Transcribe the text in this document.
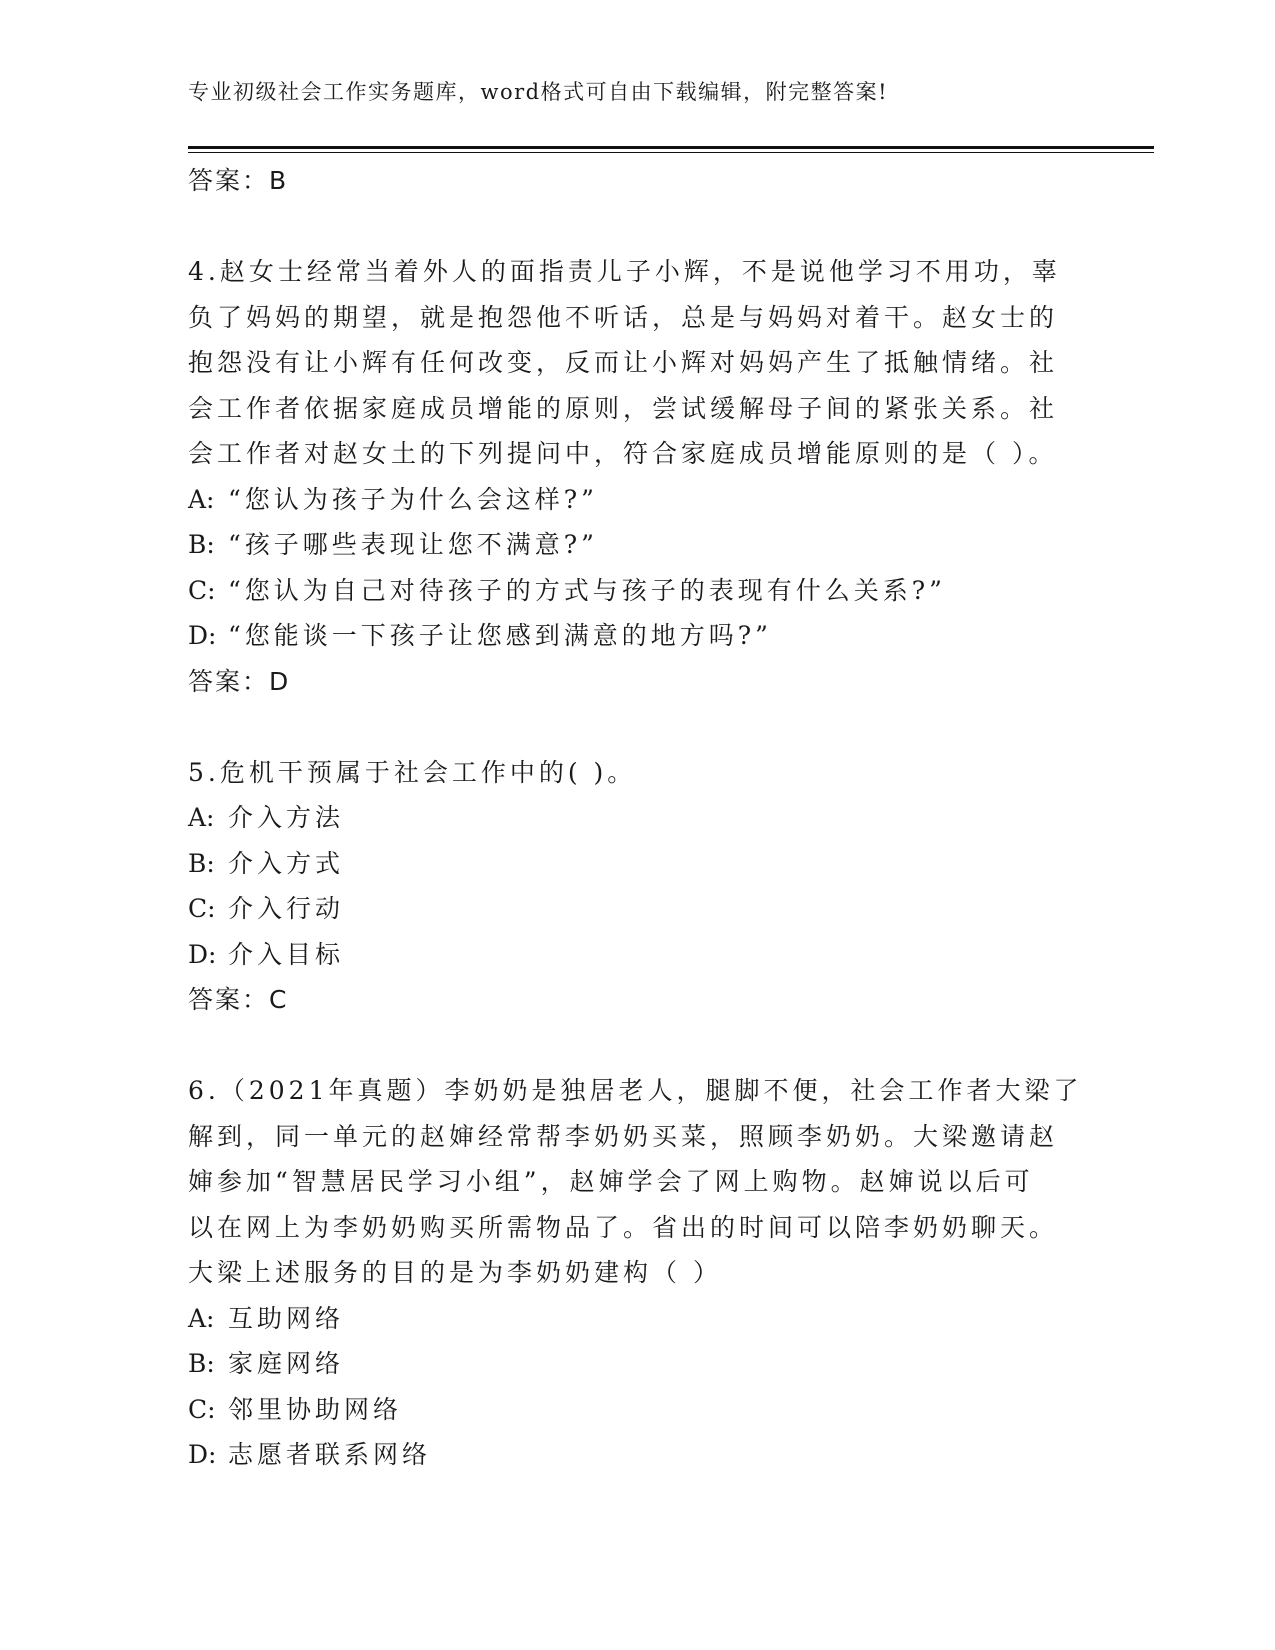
专业初级社会工作实务题库，word格式可自由下载编辑，附完整答案!
答案：B
4.赵女士经常当着外人的面指责儿子小辉，不是说他学习不用功，辜
负了妈妈的期望，就是抱怨他不听话，总是与妈妈对着干。赵女士的
抱怨没有让小辉有任何改变，反而让小辉对妈妈产生了抵触情绪。社
会工作者依据家庭成员增能的原则，尝试缓解母子间的紧张关系。社
会工作者对赵女土的下列提问中，符合家庭成员增能原则的是（ ）。
A: “您认为孩子为什么会这样?”
B: “孩子哪些表现让您不满意?”
C: “您认为自己对待孩子的方式与孩子的表现有什么关系?”
D: “您能谈一下孩子让您感到满意的地方吗?”
答案：D
5.危机干预属于社会工作中的( )。
A: 介入方法
B: 介入方式
C: 介入行动
D: 介入目标
答案：C
6.（2021年真题）李奶奶是独居老人，腿脚不便，社会工作者大梁了
解到，同一单元的赵婶经常帮李奶奶买菜，照顾李奶奶。大梁邀请赵
婶参加“智慧居民学习小组”，赵婶学会了网上购物。赵婶说以后可
以在网上为李奶奶购买所需物品了。省出的时间可以陪李奶奶聊天。
大梁上述服务的目的是为李奶奶建构（ ）
A: 互助网络
B: 家庭网络
C: 邻里协助网络
D: 志愿者联系网络
